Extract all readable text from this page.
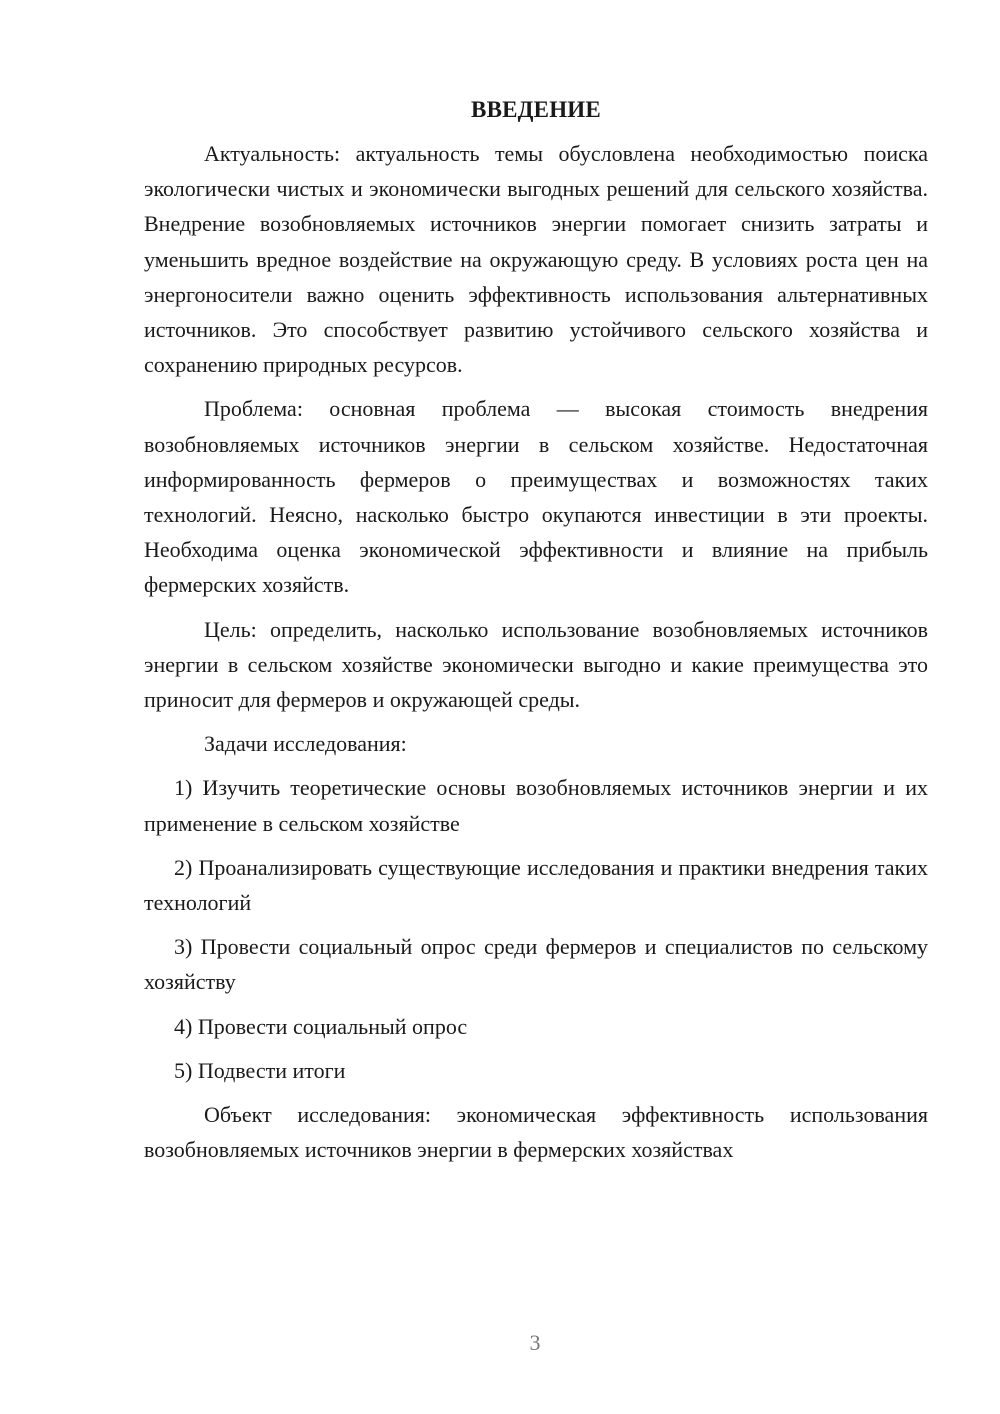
ВВЕДЕНИЕ

Актуальность: актуальность темы обусловлена необходимостью поиска экологически чистых и экономически выгодных решений для сельского хозяйства. Внедрение возобновляемых источников энергии помогает снизить затраты и уменьшить вредное воздействие на окружающую среду. В условиях роста цен на энергоносители важно оценить эффективность использования альтернативных источников. Это способствует развитию устойчивого сельского хозяйства и сохранению природных ресурсов.

Проблема: основная проблема — высокая стоимость внедрения возобновляемых источников энергии в сельском хозяйстве. Недостаточная информированность фермеров о преимуществах и возможностях таких технологий. Неясно, насколько быстро окупаются инвестиции в эти проекты. Необходима оценка экономической эффективности и влияние на прибыль фермерских хозяйств.

Цель: определить, насколько использование возобновляемых источников энергии в сельском хозяйстве экономически выгодно и какие преимущества это приносит для фермеров и окружающей среды.

Задачи исследования:

1) Изучить теоретические основы возобновляемых источников энергии и их применение в сельском хозяйстве

2) Проанализировать существующие исследования и практики внедрения таких технологий

3) Провести социальный опрос среди фермеров и специалистов по сельскому хозяйству

4) Провести социальный опрос

5) Подвести итоги

Объект исследования: экономическая эффективность использования возобновляемых источников энергии в фермерских хозяйствах

3
